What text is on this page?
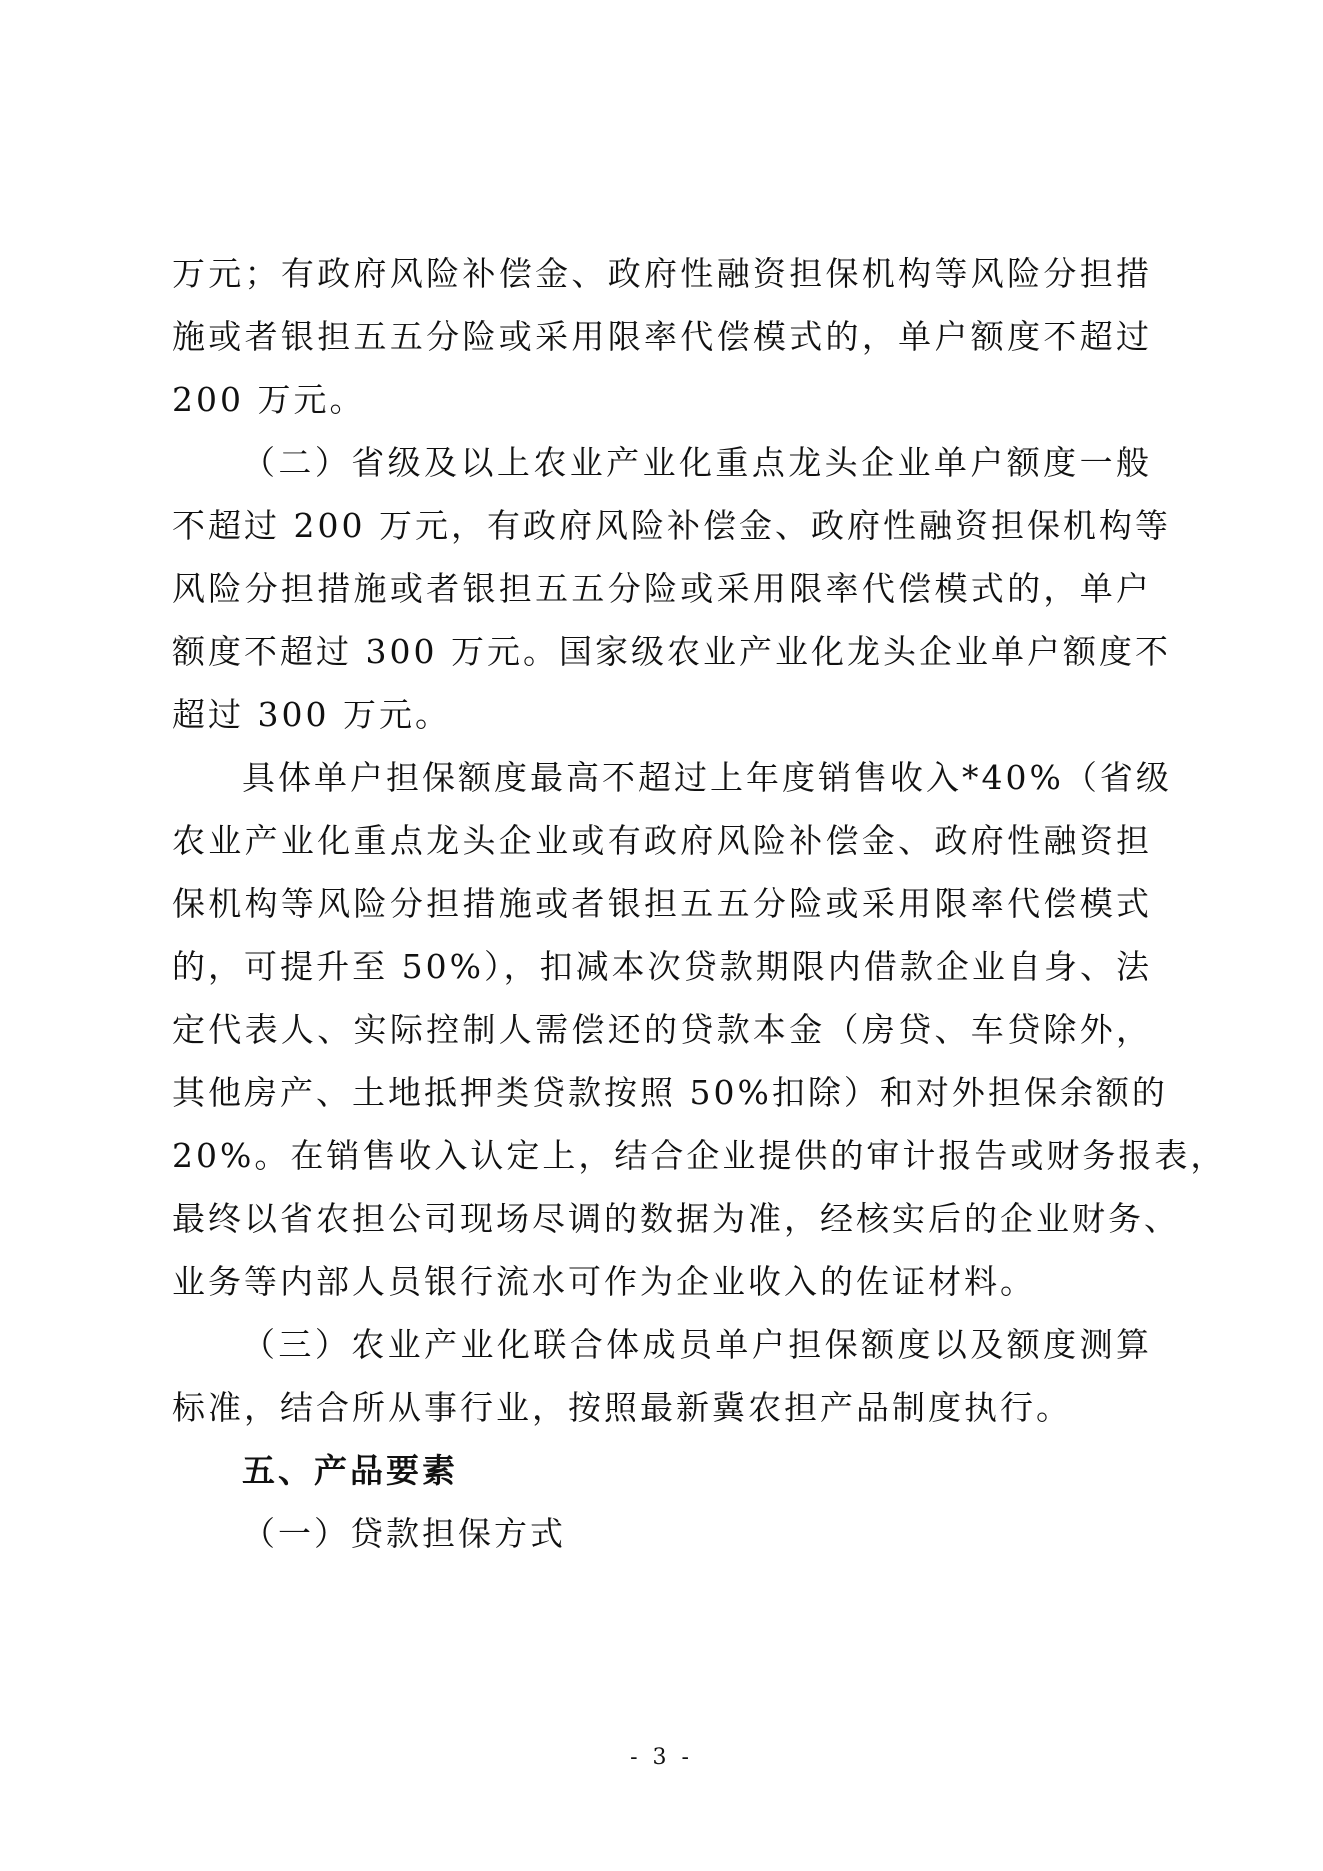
万元；有政府风险补偿金、政府性融资担保机构等风险分担措
施或者银担五五分险或采用限率代偿模式的，单户额度不超过
200 万元。
（二）省级及以上农业产业化重点龙头企业单户额度一般
不超过 200 万元，有政府风险补偿金、政府性融资担保机构等
风险分担措施或者银担五五分险或采用限率代偿模式的，单户
额度不超过 300 万元。国家级农业产业化龙头企业单户额度不
超过 300 万元。
具体单户担保额度最高不超过上年度销售收入*40%（省级
农业产业化重点龙头企业或有政府风险补偿金、政府性融资担
保机构等风险分担措施或者银担五五分险或采用限率代偿模式
的，可提升至 50%），扣减本次贷款期限内借款企业自身、法
定代表人、实际控制人需偿还的贷款本金（房贷、车贷除外，
其他房产、土地抵押类贷款按照 50%扣除）和对外担保余额的
20%。在销售收入认定上，结合企业提供的审计报告或财务报表，
最终以省农担公司现场尽调的数据为准，经核实后的企业财务、
业务等内部人员银行流水可作为企业收入的佐证材料。
（三）农业产业化联合体成员单户担保额度以及额度测算
标准，结合所从事行业，按照最新冀农担产品制度执行。
五、产品要素
（一）贷款担保方式
- 3 -
